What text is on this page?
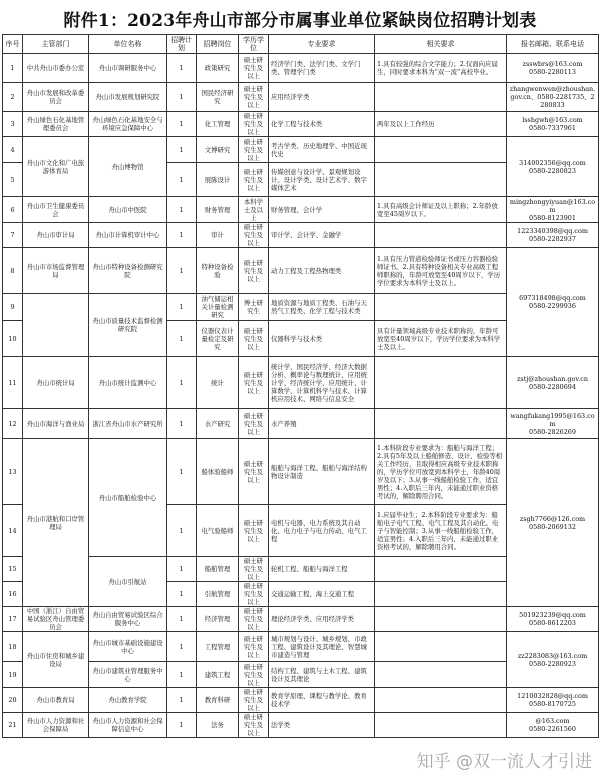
附件1：2023年舟山市部分市属事业单位紧缺岗位招聘计划表
序号	主管部门	单位名称	招聘计划	招聘岗位	学历学位	专业要求	相关要求	报名邮箱、联系电话
1	中共舟山市委办公室	舟山市调研服务中心	1	政策研究	硕士研究生及以上	经济学门类、法学门类、文学门类、管理学门类	1.具有较强的综合文字能力；2.仅面向应届生，同时要求本科为“双一流”高校毕业。	zsswbrs@163.com
0580-2280113
2	舟山市发展和改革委员会	舟山市发展规划研究院	1	国民经济研究	硕士研究生及以上	应用经济学类		zhangwenwen@zhoushan.gov.cn、0580-2281735、2280833
3	舟山绿色石化基地管理委员会	舟山绿色石化基地安全与环境应急保障中心	1	化工管理	硕士研究生及以上	化学工程与技术类	两年及以上工作经历	lsshgwh@163.com
0580-7337961
4	舟山市文化和广电旅游体育局	舟山博物馆	1	文博研究	硕士研究生及以上	考古学类、历史地理学、中国近现代史		314002356@qq.com
0580-2280823
5			1	展陈设计	硕士研究生及以上	传媒创意与设计学、景观规划设计、设计学类、设计艺术学、数字媒体艺术		
6	舟山市卫生健康委员会	舟山市中医院	1	财务管理	本科学士及以上	财务管理、会计学	1.具有高级会计师证及以上职称；2.年龄放宽至45周岁以下。	mingzhongyiyuan@163.com
0580-8123901
7	舟山市审计局	舟山市计算机审计中心	1	审计	硕士研究生及以上	审计学、会计学、金融学		1223340398@qq.com
0580-2282937
8	舟山市市场监督管理局	舟山市特种设备检测研究院	1	特种设备检验	硕士研究生及以上	动力工程及工程热物理类	1.具有压力管道检验师证书或压力容器检验师证书。2.具有特种设备相关专业高级工程师职称的，年龄可放宽至40周岁以下，学历学位要求为本科学士及以上。	697318498@qq.com
0580-2299936
9		舟山市质量技术监督检测研究院	1	油气储运相关计量检测研究	博士研究生	地质资源与地质工程类、石油与天然气工程类、化学工程与技术类		
10			1	仪器仪表计量检定及研究	硕士研究生及以上	仪器科学与技术类	具有计量领域高级专业技术职称的，年龄可放宽至40周岁以下，学历学位要求为本科学士及以上。	
11	舟山市统计局	舟山市统计监测中心	1	统计	硕士研究生及以上	统计学、国民经济学、经济大数据分析、概率论与数理统计、应用统计学、经济统计学、应用统计、计算数学、计算机科学与技术、计算机应用技术、网络与信息安全		zstj@zhoushan.gov.cn
0580-2280694
12	舟山市海洋与渔业局	浙江省舟山市水产研究所	1	水产研究	硕士研究生及以上	水产养殖		wangfukang1995@163.com
0580-2826269
13	舟山市港航和口岸管理局	舟山市船舶检验中心	1	船体验船师	硕士研究生及以上	船舶与海洋工程、船舶与海洋结构物设计制造	1.本科阶段专业要求为：船舶与海洋工程；2.具有5年及以上船舶修造、设计、检验等相关工作经历，且取得相应高级专业技术职称的，学历学位可放宽到本科学士，年龄40周岁及以下；3.从事一线船舶检验工作，适宜男性；4.入职后三年内，未能通过职业资格考试的，解除聘用合同。	zsgh7766@126.com
0580-2069132
14			1	电气验船师	硕士研究生及以上	电机与电器、电力系统及其自动化、电力电子与电力传动、电气工程	1.应届毕业生；2.本科阶段专业要求为：船舶电子电气工程、电气工程及其自动化、电子与智能控制；3.从事一线船舶检验工作，适宜男性；4.入职后三年内，未能通过职业资格考试的，解除聘用合同。	
15		舟山市引航站	1	船舶管理	硕士研究生及以上	轮机工程、船舶与海洋工程		
16			1	引航管理	硕士研究生及以上	交通运输工程、海上交通工程		
17	中国（浙江）自由贸易试验区舟山管理委员会	舟山自由贸易试验区综合服务中心	1	经济管理	硕士研究生及以上	理论经济学类、应用经济学类		501923239@qq.com
0580-8612203
18	舟山市住房和城乡建设局	舟山市城市基础设施建设中心	1	工程管理	硕士研究生及以上	城市规划与设计、城乡规划、市政工程、建筑设计及其理论、智慧城市建造与管理		zz2283083@163.com
0580-2280923
19		舟山市建筑业管理服务中心	1	建筑工程	硕士研究生及以上	结构工程、建筑与土木工程、建筑设计及其理论		
20	舟山市教育局	舟山教育学院	1	教育科研	硕士研究生及以上	教育学原理、课程与教学论、教育技术学		1210032828@qq.com
0580-8170725
21	舟山市人力资源和社会保障局	舟山市人力资源和社会保障信息中心	1	法务	硕士研究生及以上	法学类		@163.com
0580-2261560
知乎 @双一流人才引进
